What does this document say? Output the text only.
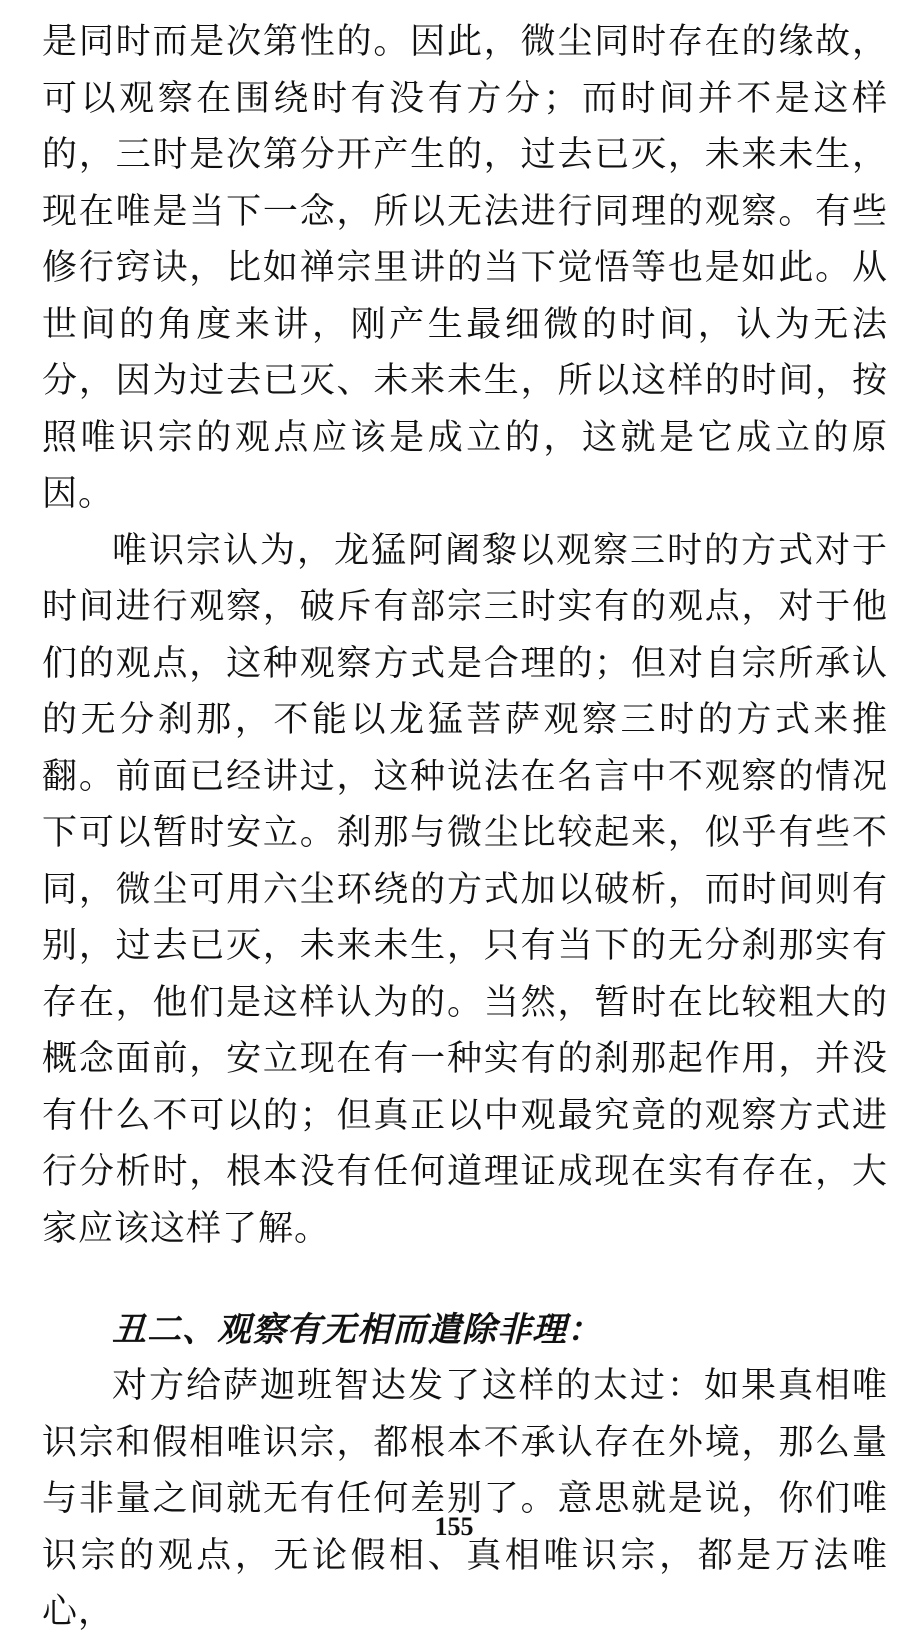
是同时而是次第性的。因此，微尘同时存在的缘故，可以观察在围绕时有没有方分；而时间并不是这样的，三时是次第分开产生的，过去已灭，未来未生，现在唯是当下一念，所以无法进行同理的观察。有些修行窍诀，比如禅宗里讲的当下觉悟等也是如此。从世间的角度来讲，刚产生最细微的时间，认为无法分，因为过去已灭、未来未生，所以这样的时间，按照唯识宗的观点应该是成立的，这就是它成立的原因。

唯识宗认为，龙猛阿阇黎以观察三时的方式对于时间进行观察，破斥有部宗三时实有的观点，对于他们的观点，这种观察方式是合理的；但对自宗所承认的无分刹那，不能以龙猛菩萨观察三时的方式来推翻。前面已经讲过，这种说法在名言中不观察的情况下可以暂时安立。刹那与微尘比较起来，似乎有些不同，微尘可用六尘环绕的方式加以破析，而时间则有别，过去已灭，未来未生，只有当下的无分刹那实有存在，他们是这样认为的。当然，暂时在比较粗大的概念面前，安立现在有一种实有的刹那起作用，并没有什么不可以的；但真正以中观最究竟的观察方式进行分析时，根本没有任何道理证成现在实有存在，大家应该这样了解。

丑二、观察有无相而遣除非理：

对方给萨迦班智达发了这样的太过：如果真相唯识宗和假相唯识宗，都根本不承认存在外境，那么量与非量之间就无有任何差别了。意思就是说，你们唯识宗的观点，无论假相、真相唯识宗，都是万法唯心，

155
